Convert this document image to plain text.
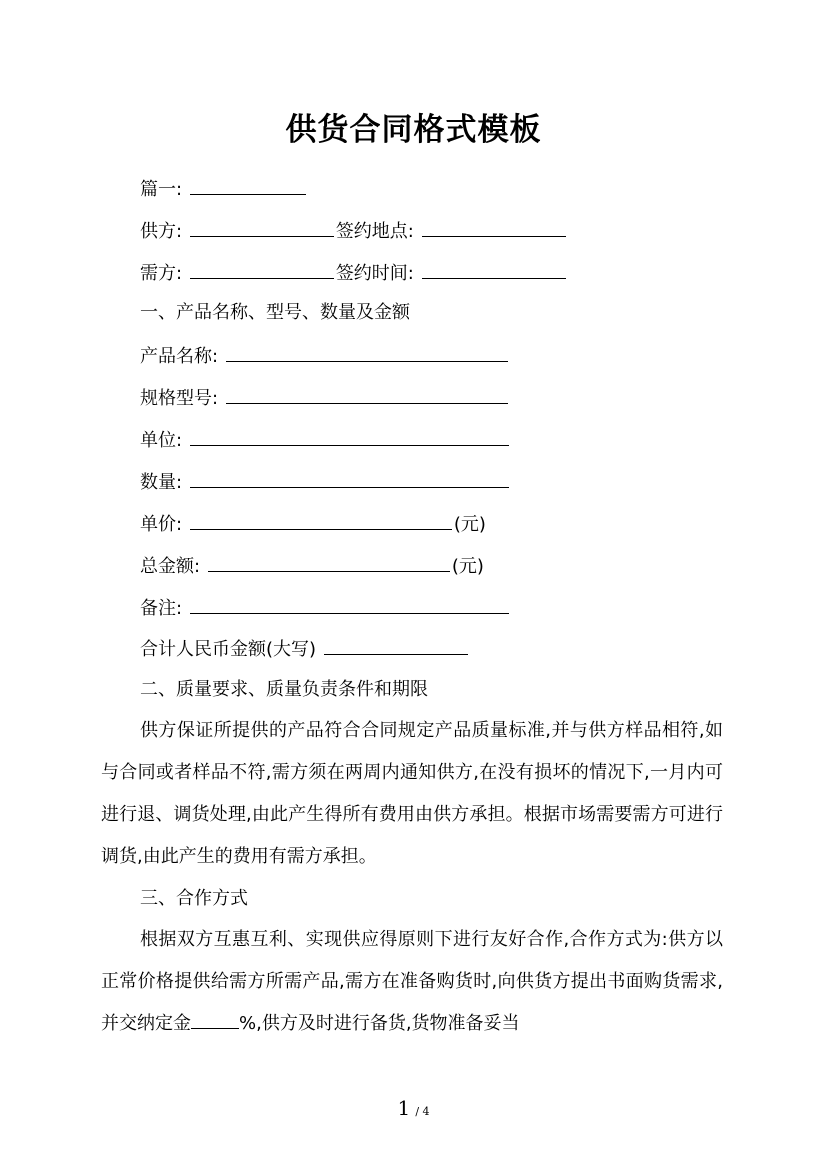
供货合同格式模板
篇一:
供方:	签约地点:
需方:	签约时间:
一、产品名称、型号、数量及金额
产品名称:
规格型号:
单位:
数量:
单价:	(元)
总金额:	(元)
备注:
合计人民币金额(大写)
二、质量要求、质量负责条件和期限
供方保证所提供的产品符合合同规定产品质量标准,并与供方样品相符,如与合同或者样品不符,需方须在两周内通知供方,在没有损坏的情况下,一月内可进行退、调货处理,由此产生得所有费用由供方承担。根据市场需要需方可进行调货,由此产生的费用有需方承担。
三、合作方式
根据双方互惠互利、实现供应得原则下进行友好合作,合作方式为:供方以正常价格提供给需方所需产品,需方在准备购货时,向供货方提出书面购货需求,并交纳定金	%,供方及时进行备货,货物准备妥当
1 / 4
